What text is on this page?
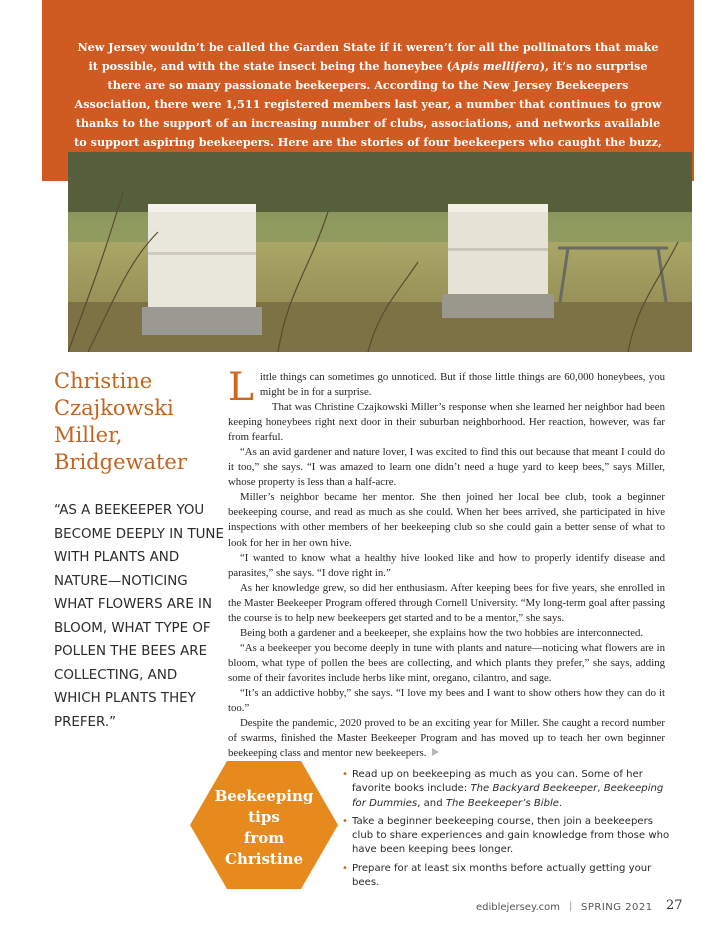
New Jersey wouldn’t be called the Garden State if it weren’t for all the pollinators that make it possible, and with the state insect being the honeybee (Apis mellifera), it’s no surprise there are so many passionate beekeepers. According to the New Jersey Beekeepers Association, there were 1,511 registered members last year, a number that continues to grow thanks to the support of an increasing number of clubs, associations, and networks available to support aspiring beekeepers. Here are the stories of four beekeepers who caught the buzz,
Christine Czajkowski Miller, Bridgewater
“AS A BEEKEEPER YOU BECOME DEEPLY IN TUNE WITH PLANTS AND NATURE—NOTICING WHAT FLOWERS ARE IN BLOOM, WHAT TYPE OF POLLEN THE BEES ARE COLLECTING, AND WHICH PLANTS THEY PREFER.”

Little things can sometimes go unnoticed. But if those little things are 60,000 honeybees, you might be in for a surprise.

That was Christine Czajkowski Miller’s response when she learned her neighbor had been keeping honeybees right next door in their suburban neighborhood. Her reaction, however, was far from fearful.

“As an avid gardener and nature lover, I was excited to find this out because that meant I could do it too,” she says. “I was amazed to learn one didn’t need a huge yard to keep bees,” says Miller, whose property is less than a half-acre.

Miller’s neighbor became her mentor. She then joined her local bee club, took a beginner beekeeping course, and read as much as she could. When her bees arrived, she participated in hive inspections with other members of her beekeeping club so she could gain a better sense of what to look for her in her own hive.

“I wanted to know what a healthy hive looked like and how to properly identify disease and parasites,” she says. “I dove right in.”

As her knowledge grew, so did her enthusiasm. After keeping bees for five years, she enrolled in the Master Beekeeper Program offered through Cornell University. “My long-term goal after passing the course is to help new beekeepers get started and to be a mentor,” she says.

Being both a gardener and a beekeeper, she explains how the two hobbies are interconnected.

“As a beekeeper you become deeply in tune with plants and nature—noticing what flowers are in bloom, what type of pollen the bees are collecting, and which plants they prefer,” she says, adding some of their favorites include herbs like mint, oregano, cilantro, and sage.

“It’s an addictive hobby,” she says. “I love my bees and I want to show others how they can do it too.”

Despite the pandemic, 2020 proved to be an exciting year for Miller. She caught a record number of swarms, finished the Master Beekeeper Program and has moved up to teach her own beginner beekeeping class and mentor new beekeepers.

Beekeeping
tips
from
Christine
• Read up on beekeeping as much as you can. Some of her favorite books include: The Backyard Beekeeper, Beekeeping for Dummies, and The Beekeeper’s Bible.
• Take a beginner beekeeping course, then join a beekeepers club to share experiences and gain knowledge from those who have been keeping bees longer.
• Prepare for at least six months before actually getting your bees.
ediblejersey.com | SPRING 2021 27
